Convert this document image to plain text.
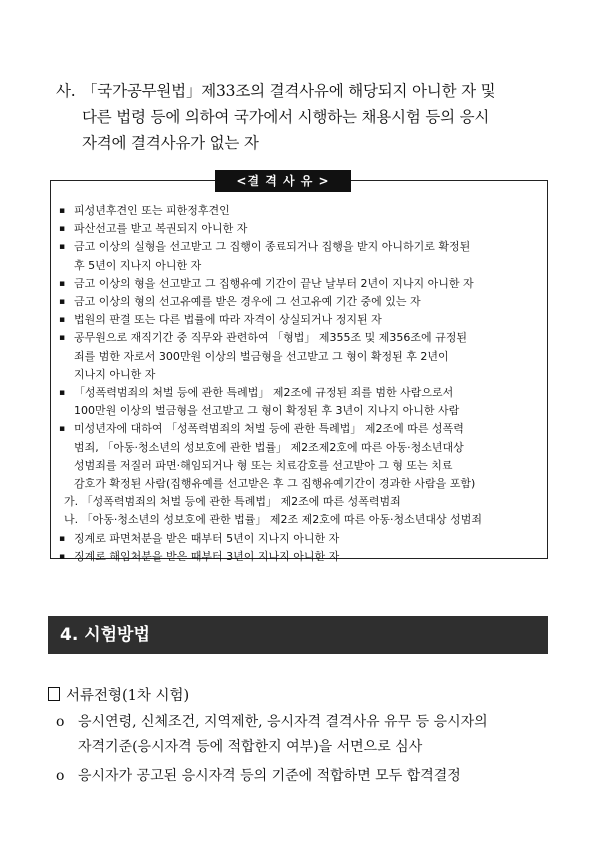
사. 「국가공무원법」제33조의 결격사유에 해당되지 아니한 자 및
다른 법령 등에 의하여 국가에서 시행하는 채용시험 등의 응시
자격에 결격사유가 없는 자
<결 격 사 유 >
▪ 피성년후견인 또는 피한정후견인
▪ 파산선고를 받고 복권되지 아니한 자
▪ 금고 이상의 실형을 선고받고 그 집행이 종료되거나 집행을 받지 아니하기로 확정된
후 5년이 지나지 아니한 자
▪ 금고 이상의 형을 선고받고 그 집행유예 기간이 끝난 날부터 2년이 지나지 아니한 자
▪ 금고 이상의 형의 선고유예를 받은 경우에 그 선고유예 기간 중에 있는 자
▪ 법원의 판결 또는 다른 법률에 따라 자격이 상실되거나 정지된 자
▪ 공무원으로 재직기간 중 직무와 관련하여 「형법」 제355조 및 제356조에 규정된
죄를 범한 자로서 300만원 이상의 벌금형을 선고받고 그 형이 확정된 후 2년이
지나지 아니한 자
▪ 「성폭력범죄의 처벌 등에 관한 특례법」 제2조에 규정된 죄를 범한 사람으로서
100만원 이상의 벌금형을 선고받고 그 형이 확정된 후 3년이 지나지 아니한 사람
▪ 미성년자에 대하여 「성폭력범죄의 처벌 등에 관한 특례법」 제2조에 따른 성폭력
범죄, 「아동·청소년의 성보호에 관한 법률」 제2조제2호에 따른 아동·청소년대상
성범죄를 저질러 파면·해임되거나 형 또는 치료감호를 선고받아 그 형 또는 치료
감호가 확정된 사람(집행유예를 선고받은 후 그 집행유예기간이 경과한 사람을 포함)
가. 「성폭력범죄의 처벌 등에 관한 특례법」 제2조에 따른 성폭력범죄
나. 「아동·청소년의 성보호에 관한 법률」 제2조 제2호에 따른 아동·청소년대상 성범죄
▪ 징계로 파면처분을 받은 때부터 5년이 지나지 아니한 자
▪ 징계로 해임처분을 받은 때부터 3년이 지나지 아니한 자
4. 시험방법
서류전형(1차 시험)
o 응시연령, 신체조건, 지역제한, 응시자격 결격사유 유무 등 응시자의
자격기준(응시자격 등에 적합한지 여부)을 서면으로 심사
o 응시자가 공고된 응시자격 등의 기준에 적합하면 모두 합격결정
